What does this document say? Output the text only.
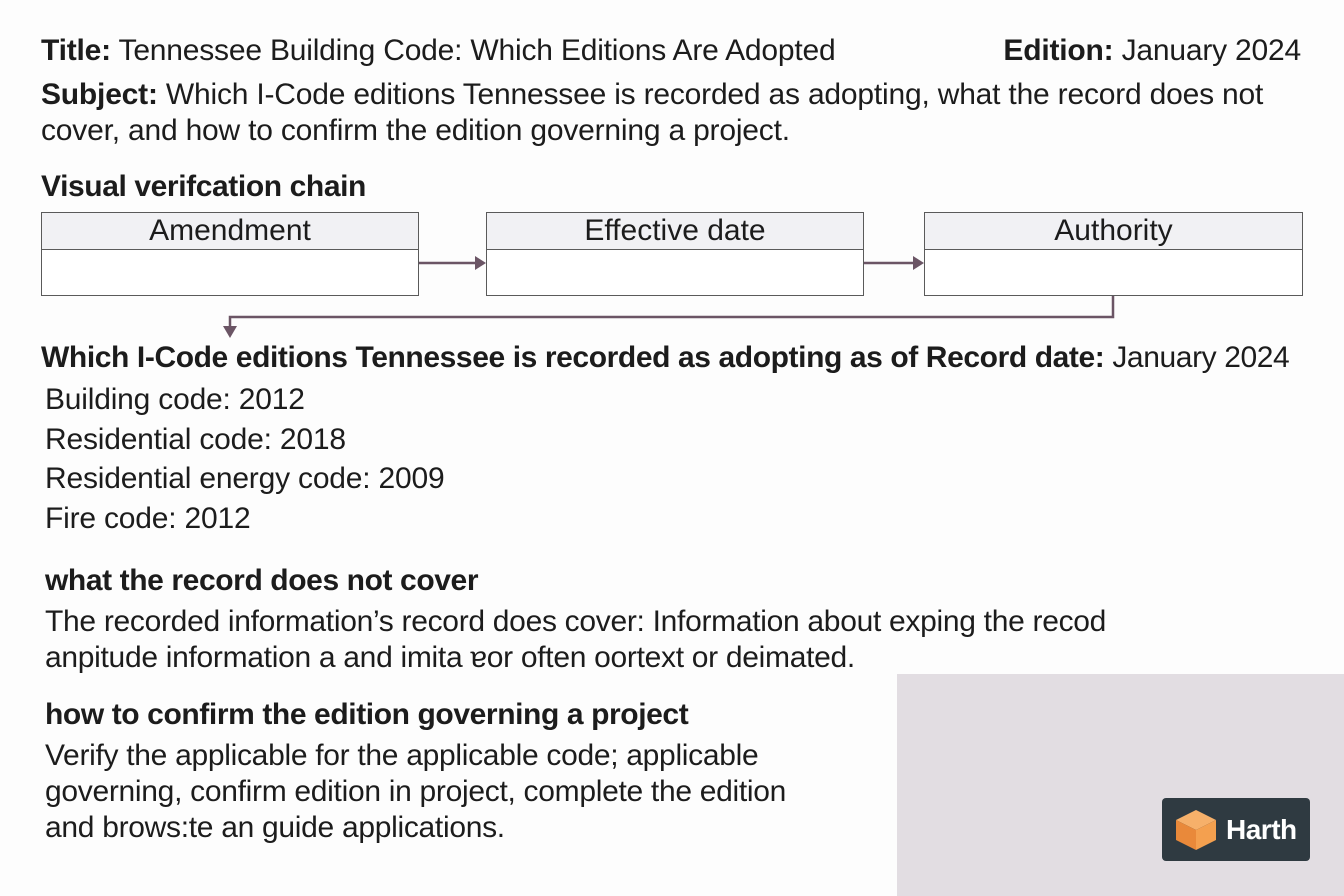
Title: Tennessee Building Code: Which Editions Are Adopted	Edition: January 2024
Subject: Which I-Code editions Tennessee is recorded as adopting, what the record does not
cover, and how to confirm the edition governing a project.
Visual verifcation chain
Amendment	Effective date	Authority
Which I-Code editions Tennessee is recorded as adopting as of Record date: January 2024
Building code: 2012
Residential code: 2018
Residential energy code: 2009
Fire code: 2012
what the record does not cover
The recorded information’s record does cover: Information about exping the recod
anpitude information a and imita ɐor often oortext or deimated.
how to confirm the edition governing a project
Verify the applicable for the applicable code; applicable
governing, confirm edition in project, complete the edition
and brows:te an guide applications.	Harth
